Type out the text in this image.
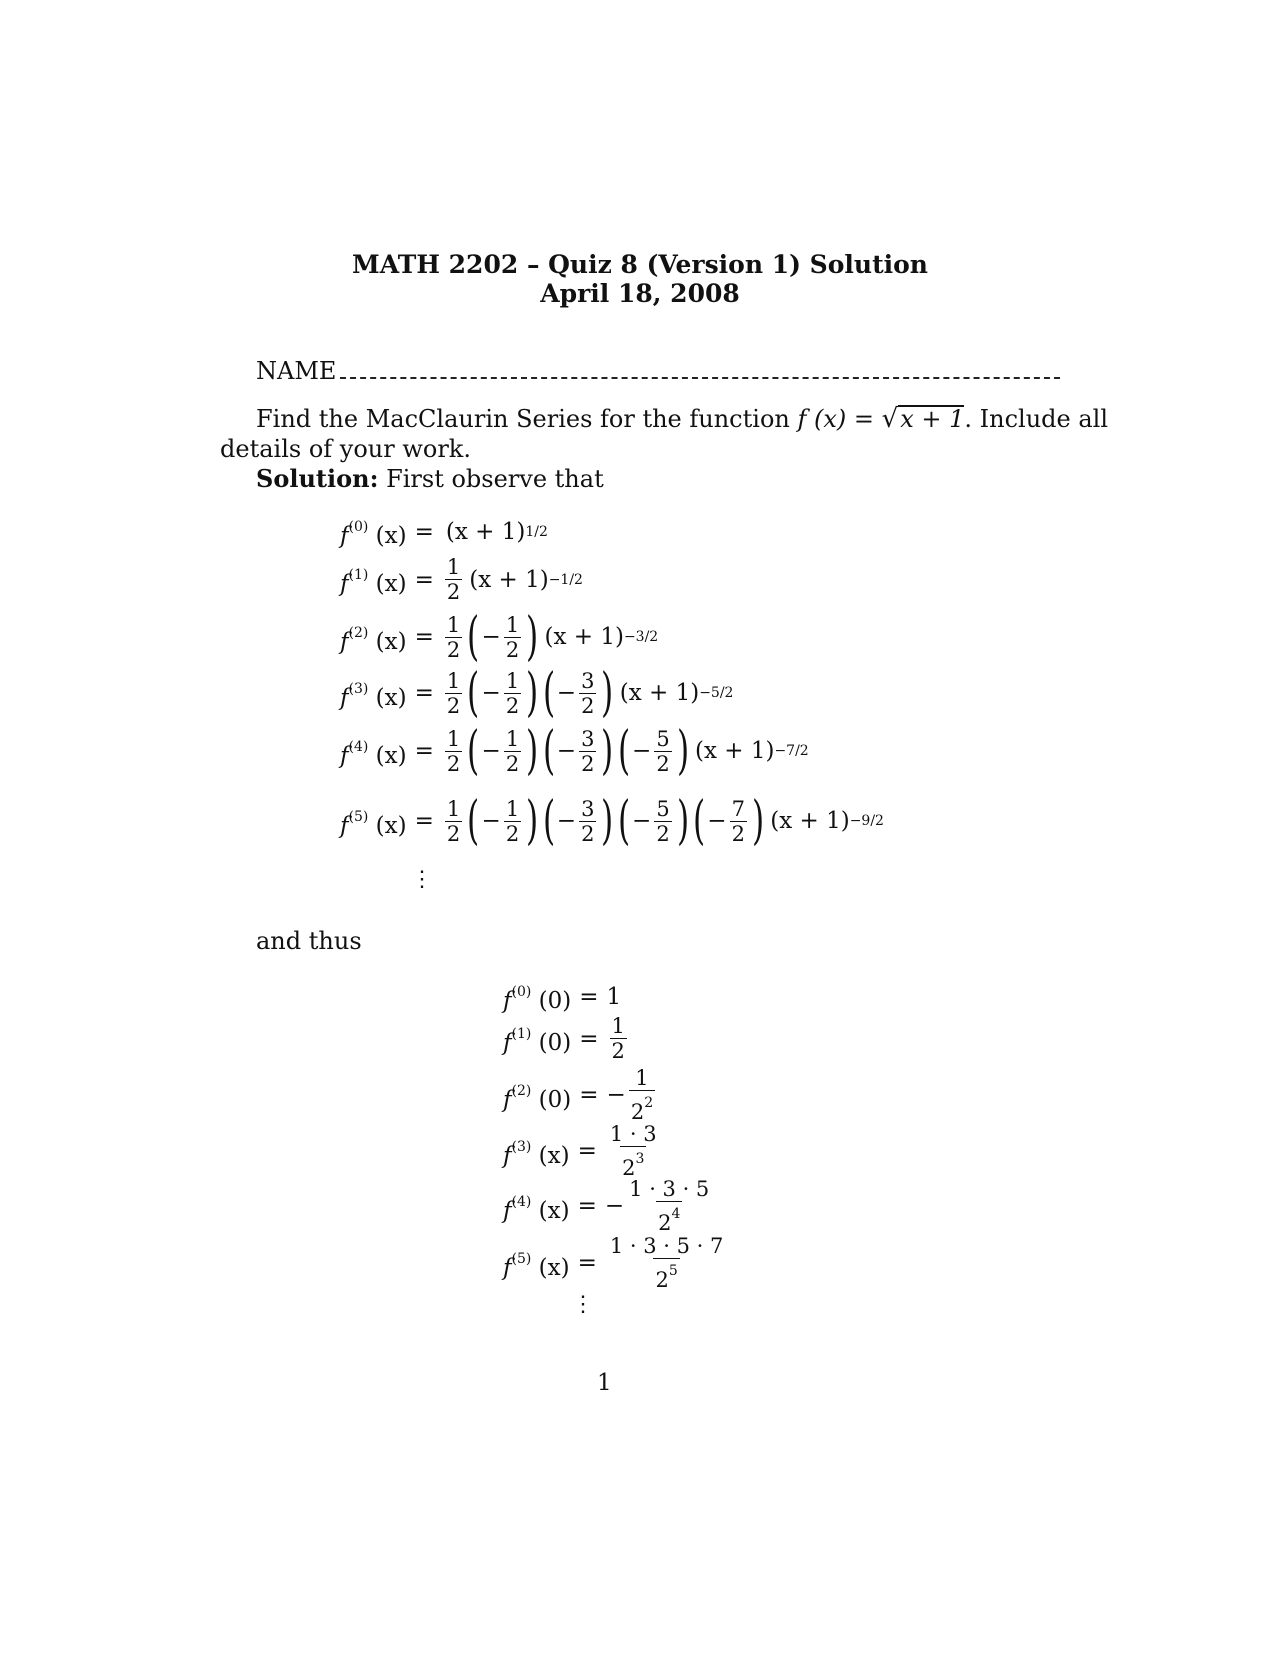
MATH 2202 – Quiz 8 (Version 1) Solution
April 18, 2008
NAME
Find the MacClaurin Series for the function f (x) = √x + 1. Include all
details of your work.
Solution: First observe that
$f^{(0)}$ (x) = (x + 1) 1/2
$f^{(1)}$ $(x) = \frac{1}{2} (x + 1) -1/2$
$f^{(2)}$ $(x) = \frac{1}{2}$ ( − $\frac{1}{2}$ ) (x + 1) −3/2
$f^{(3)}$ $(x) = \frac{1}{2}$ ( − $\frac{1}{2}$ ) ( − $\frac{3}{2}$ ) (x + 1) −5/2
$f^{(4)}$ $(x) = \frac{1}{2}$ ( − $\frac{1}{2}$ ) ( − $\frac{3}{2}$ ) ( − $\frac{5}{2}$ ) (x + 1) −7/2
$f^{(5)}$ $(x) = \frac{1}{2}$ ( − $\frac{1}{2}$ ) ( − $\frac{3}{2}$ ) ( − $\frac{5}{2}$ ) ( − $\frac{7}{2}$ ) (x + 1) −9/2
⋮
and thus
$f^{(0)}$ (0) = 1
$f^{(1)}$ $(0) = \frac{1}{2}$
$f^{(2)}$ (0) = − $\frac{1}{2^2}$
$f^{(3)}$ $(x) = \frac{1 \cdot 3}{2^3}$
$f^{(4)}$ (x) = − $\frac{1 \cdot 3 \cdot 5}{2^4}$
$f^{(5)}$ $(x) = \frac{1 \cdot 3 \cdot 5 \cdot 7}{2^5}$
⋮
1
